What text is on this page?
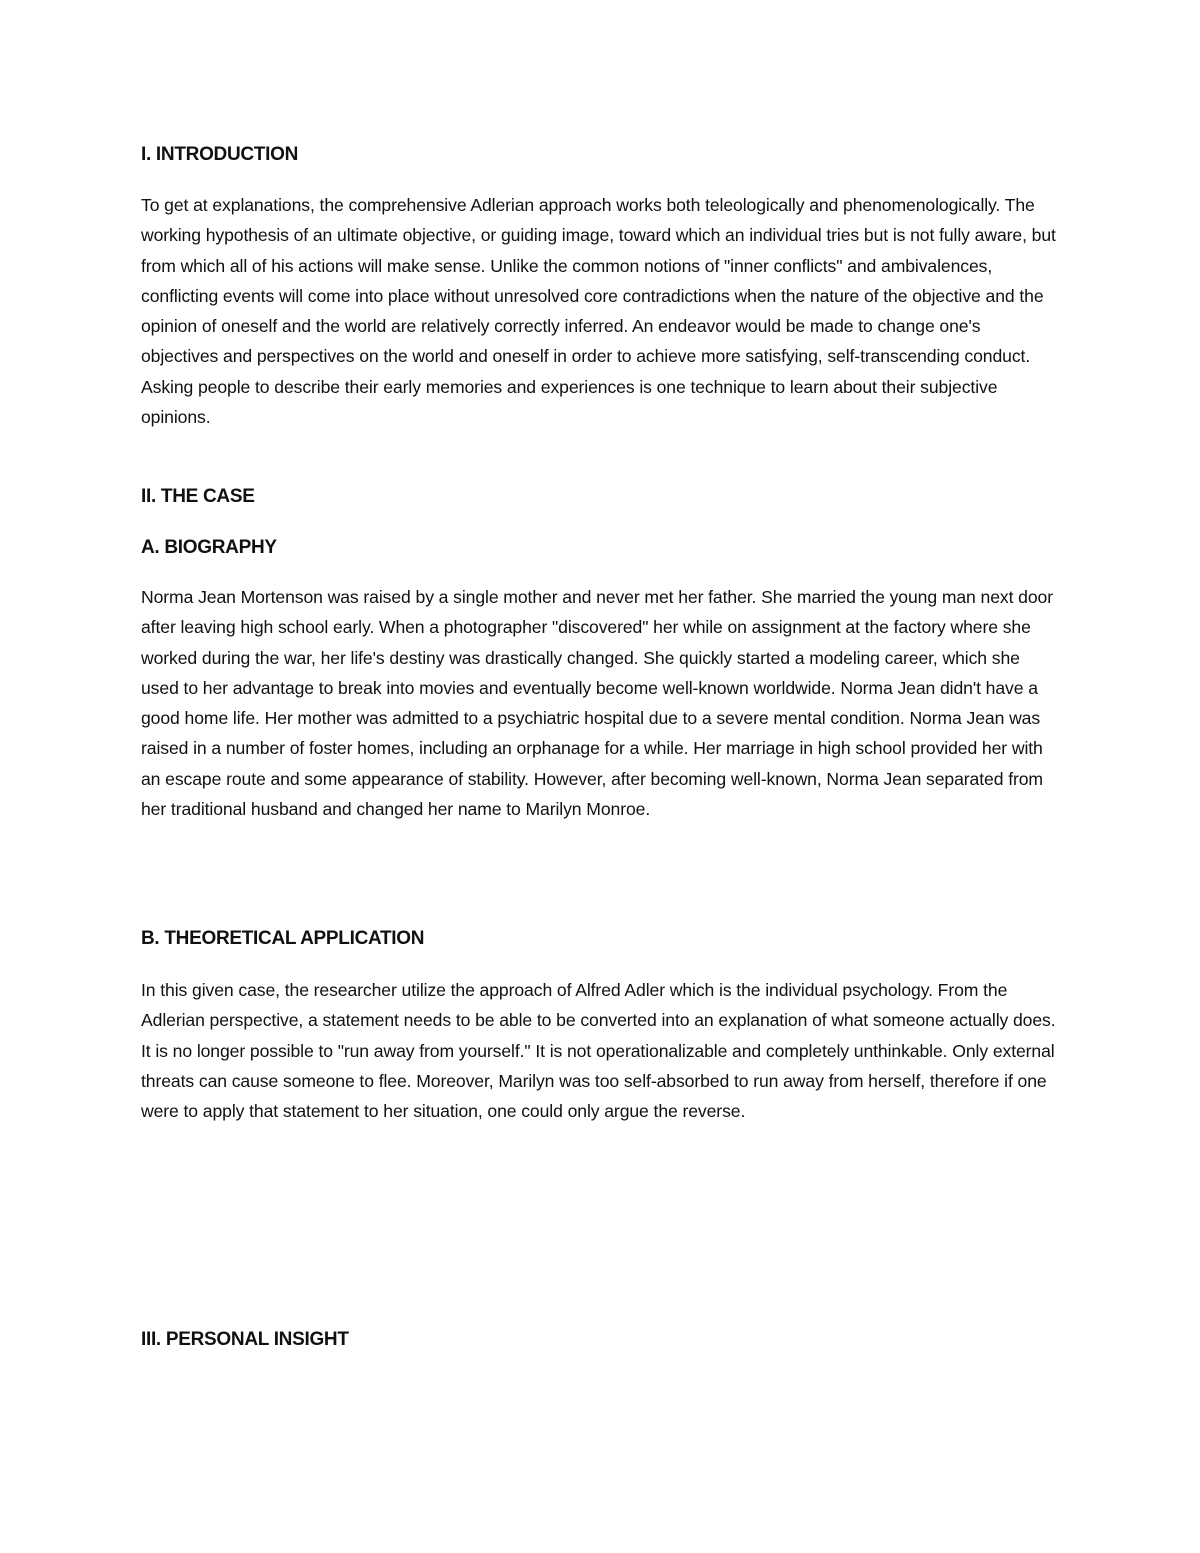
I. INTRODUCTION

To get at explanations, the comprehensive Adlerian approach works both teleologically and phenomenologically. The working hypothesis of an ultimate objective, or guiding image, toward which an individual tries but is not fully aware, but from which all of his actions will make sense. Unlike the common notions of "inner conflicts" and ambivalences, conflicting events will come into place without unresolved core contradictions when the nature of the objective and the opinion of oneself and the world are relatively correctly inferred. An endeavor would be made to change one's objectives and perspectives on the world and oneself in order to achieve more satisfying, self-transcending conduct. Asking people to describe their early memories and experiences is one technique to learn about their subjective opinions.

II. THE CASE
A. BIOGRAPHY

Norma Jean Mortenson was raised by a single mother and never met her father. She married the young man next door after leaving high school early. When a photographer "discovered" her while on assignment at the factory where she worked during the war, her life's destiny was drastically changed. She quickly started a modeling career, which she used to her advantage to break into movies and eventually become well-known worldwide. Norma Jean didn't have a good home life. Her mother was admitted to a psychiatric hospital due to a severe mental condition. Norma Jean was raised in a number of foster homes, including an orphanage for a while. Her marriage in high school provided her with an escape route and some appearance of stability. However, after becoming well-known, Norma Jean separated from her traditional husband and changed her name to Marilyn Monroe.

B. THEORETICAL APPLICATION

In this given case, the researcher utilize the approach of Alfred Adler which is the individual psychology. From the Adlerian perspective, a statement needs to be able to be converted into an explanation of what someone actually does. It is no longer possible to "run away from yourself." It is not operationalizable and completely unthinkable. Only external threats can cause someone to flee. Moreover, Marilyn was too self-absorbed to run away from herself, therefore if one were to apply that statement to her situation, one could only argue the reverse.

III. PERSONAL INSIGHT
